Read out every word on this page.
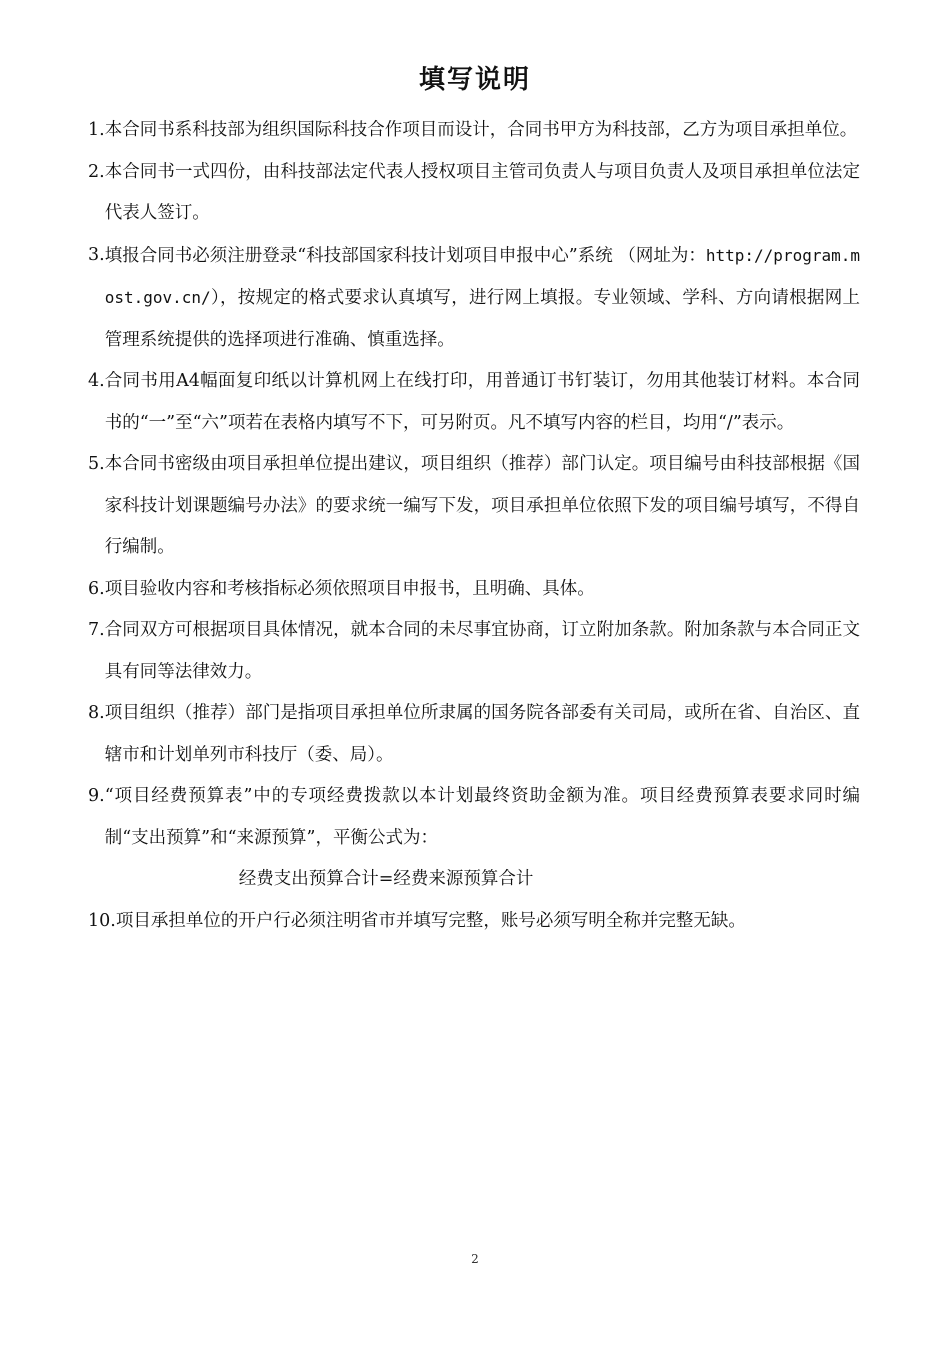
填写说明
1. 本合同书系科技部为组织国际科技合作项目而设计，合同书甲方为科技部，乙方为项目承担单位。
2. 本合同书一式四份，由科技部法定代表人授权项目主管司负责人与项目负责人及项目承担单位法定代表人签订。
3. 填报合同书必须注册登录“科技部国家科技计划项目申报中心”系统 （网址为：http://program.most.gov.cn/），按规定的格式要求认真填写，进行网上填报。专业领域、学科、方向请根据网上管理系统提供的选择项进行准确、慎重选择。
4. 合同书用A4幅面复印纸以计算机网上在线打印，用普通订书钉装订，勿用其他装订材料。本合同书的“一”至“六”项若在表格内填写不下，可另附页。凡不填写内容的栏目，均用“/”表示。
5. 本合同书密级由项目承担单位提出建议，项目组织（推荐）部门认定。项目编号由科技部根据《国家科技计划课题编号办法》的要求统一编写下发，项目承担单位依照下发的项目编号填写，不得自行编制。
6. 项目验收内容和考核指标必须依照项目申报书，且明确、具体。
7. 合同双方可根据项目具体情况，就本合同的未尽事宜协商，订立附加条款。附加条款与本合同正文具有同等法律效力。
8. 项目组织（推荐）部门是指项目承担单位所隶属的国务院各部委有关司局，或所在省、自治区、直辖市和计划单列市科技厅（委、局）。
9. “项目经费预算表”中的专项经费拨款以本计划最终资助金额为准。项目经费预算表要求同时编制“支出预算”和“来源预算”，平衡公式为：
经费支出预算合计=经费来源预算合计
10. 项目承担单位的开户行必须注明省市并填写完整，账号必须写明全称并完整无缺。
2
